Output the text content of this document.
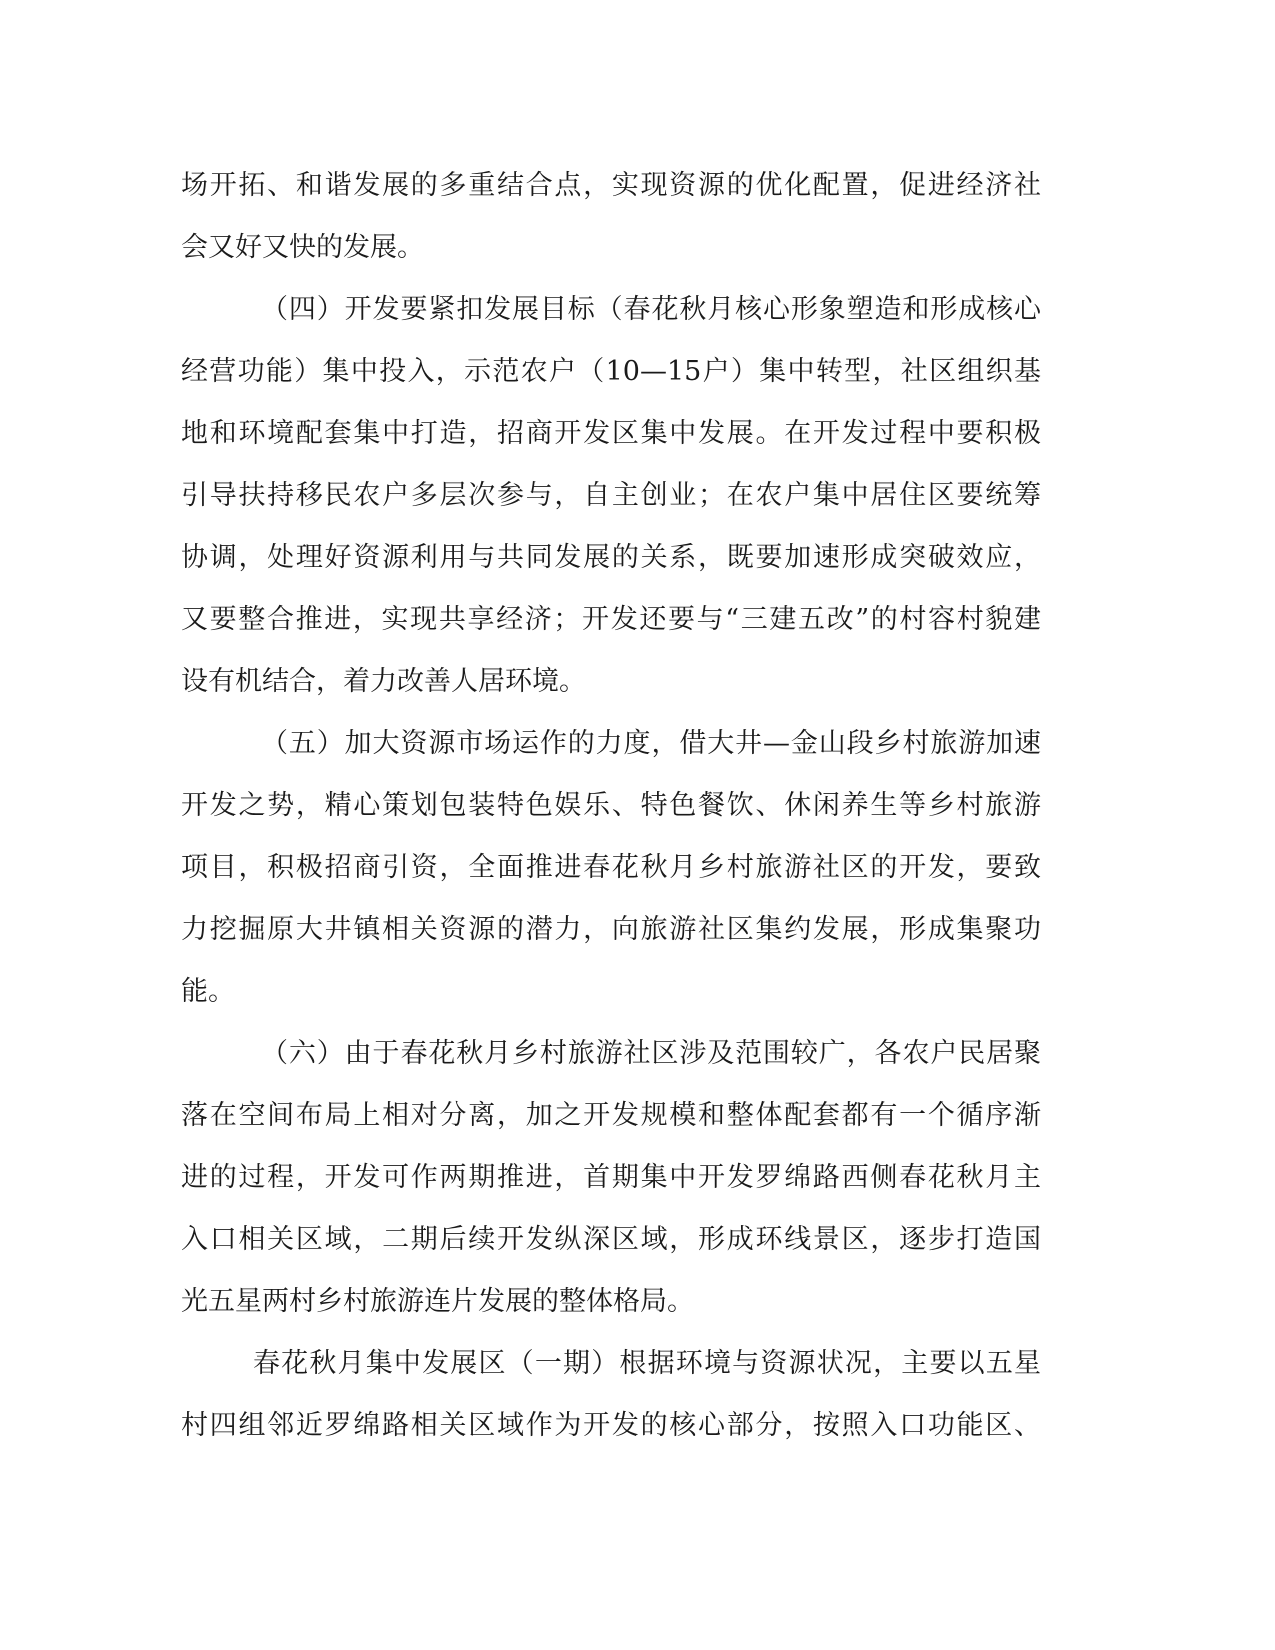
场开拓、和谐发展的多重结合点，实现资源的优化配置，促进经济社
会又好又快的发展。
（四）开发要紧扣发展目标（春花秋月核心形象塑造和形成核心
经营功能）集中投入，示范农户（10—15户）集中转型，社区组织基
地和环境配套集中打造，招商开发区集中发展。在开发过程中要积极
引导扶持移民农户多层次参与，自主创业；在农户集中居住区要统筹
协调，处理好资源利用与共同发展的关系，既要加速形成突破效应，
又要整合推进，实现共享经济；开发还要与“三建五改”的村容村貌建
设有机结合，着力改善人居环境。
（五）加大资源市场运作的力度，借大井—金山段乡村旅游加速
开发之势，精心策划包装特色娱乐、特色餐饮、休闲养生等乡村旅游
项目，积极招商引资，全面推进春花秋月乡村旅游社区的开发，要致
力挖掘原大井镇相关资源的潜力，向旅游社区集约发展，形成集聚功
能。
（六）由于春花秋月乡村旅游社区涉及范围较广，各农户民居聚
落在空间布局上相对分离，加之开发规模和整体配套都有一个循序渐
进的过程，开发可作两期推进，首期集中开发罗绵路西侧春花秋月主
入口相关区域，二期后续开发纵深区域，形成环线景区，逐步打造国
光五星两村乡村旅游连片发展的整体格局。
春花秋月集中发展区（一期）根据环境与资源状况，主要以五星
村四组邻近罗绵路相关区域作为开发的核心部分，按照入口功能区、
